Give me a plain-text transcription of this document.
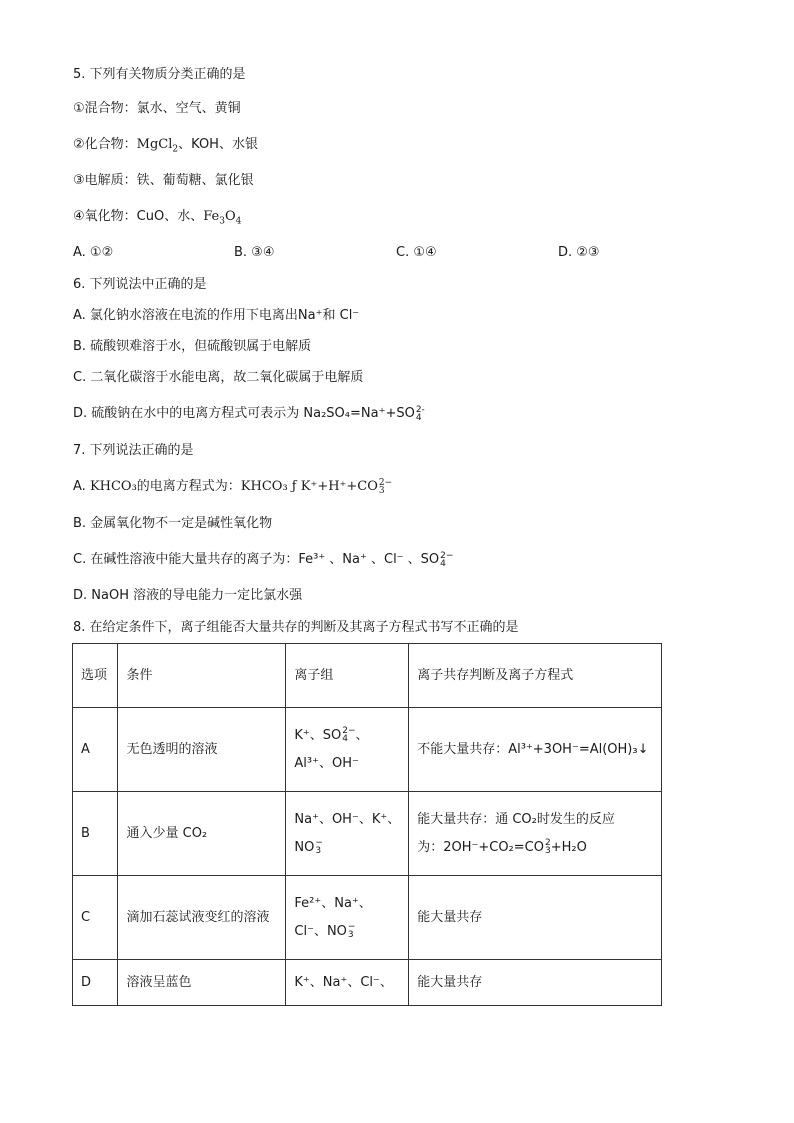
5. 下列有关物质分类正确的是
①混合物：氯水、空气、黄铜
②化合物：MgCl$_2$、KOH、水银
③电解质：铁、葡萄糖、氯化银
④氧化物：CuO、水、$Fe_3O_4$
A. ①②	B. ③④	C. ①④	D. ②③
6. 下列说法中正确的是
A. 氯化钠水溶液在电流的作用下电离出Na⁺和 Cl⁻
B. 硫酸钡难溶于水，但硫酸钡属于电解质
C. 二氧化碳溶于水能电离，故二氧化碳属于电解质
D. 硫酸钠在水中的电离方程式可表示为 Na₂SO₄=Na⁺+SO 2-
4
7. 下列说法正确的是
A. KHCO₃的电离方程式为：KHCO₃ ƒ K⁺+H⁺+CO 2−
3
B. 金属氧化物不一定是碱性氧化物
C. 在碱性溶液中能大量共存的离子为：Fe³⁺ 、Na⁺ 、Cl⁻ 、SO 2−
4
D. NaOH 溶液的导电能力一定比氯水强
8. 在给定条件下，离子组能否大量共存的判断及其离子方程式书写不正确的是
选项	条件	离子组	离子共存判断及离子方程式
A	无色透明的溶液	K⁺、SO 2−
4 、
Al³⁺、OH⁻	不能大量共存：Al³⁺+3OH⁻=Al(OH)₃↓
B	通入少量 CO₂	Na⁺、OH⁻、K⁺、
NO −
3	能大量共存：通 CO₂时发生的反应
为：2OH⁻+CO₂=CO 2
3 +H₂O

C	滴加石蕊试液变红的溶液	Fe²⁺、Na⁺、
Cl⁻、NO −
3	能大量共存
D	溶液呈蓝色	K⁺、Na⁺、Cl⁻、	能大量共存
